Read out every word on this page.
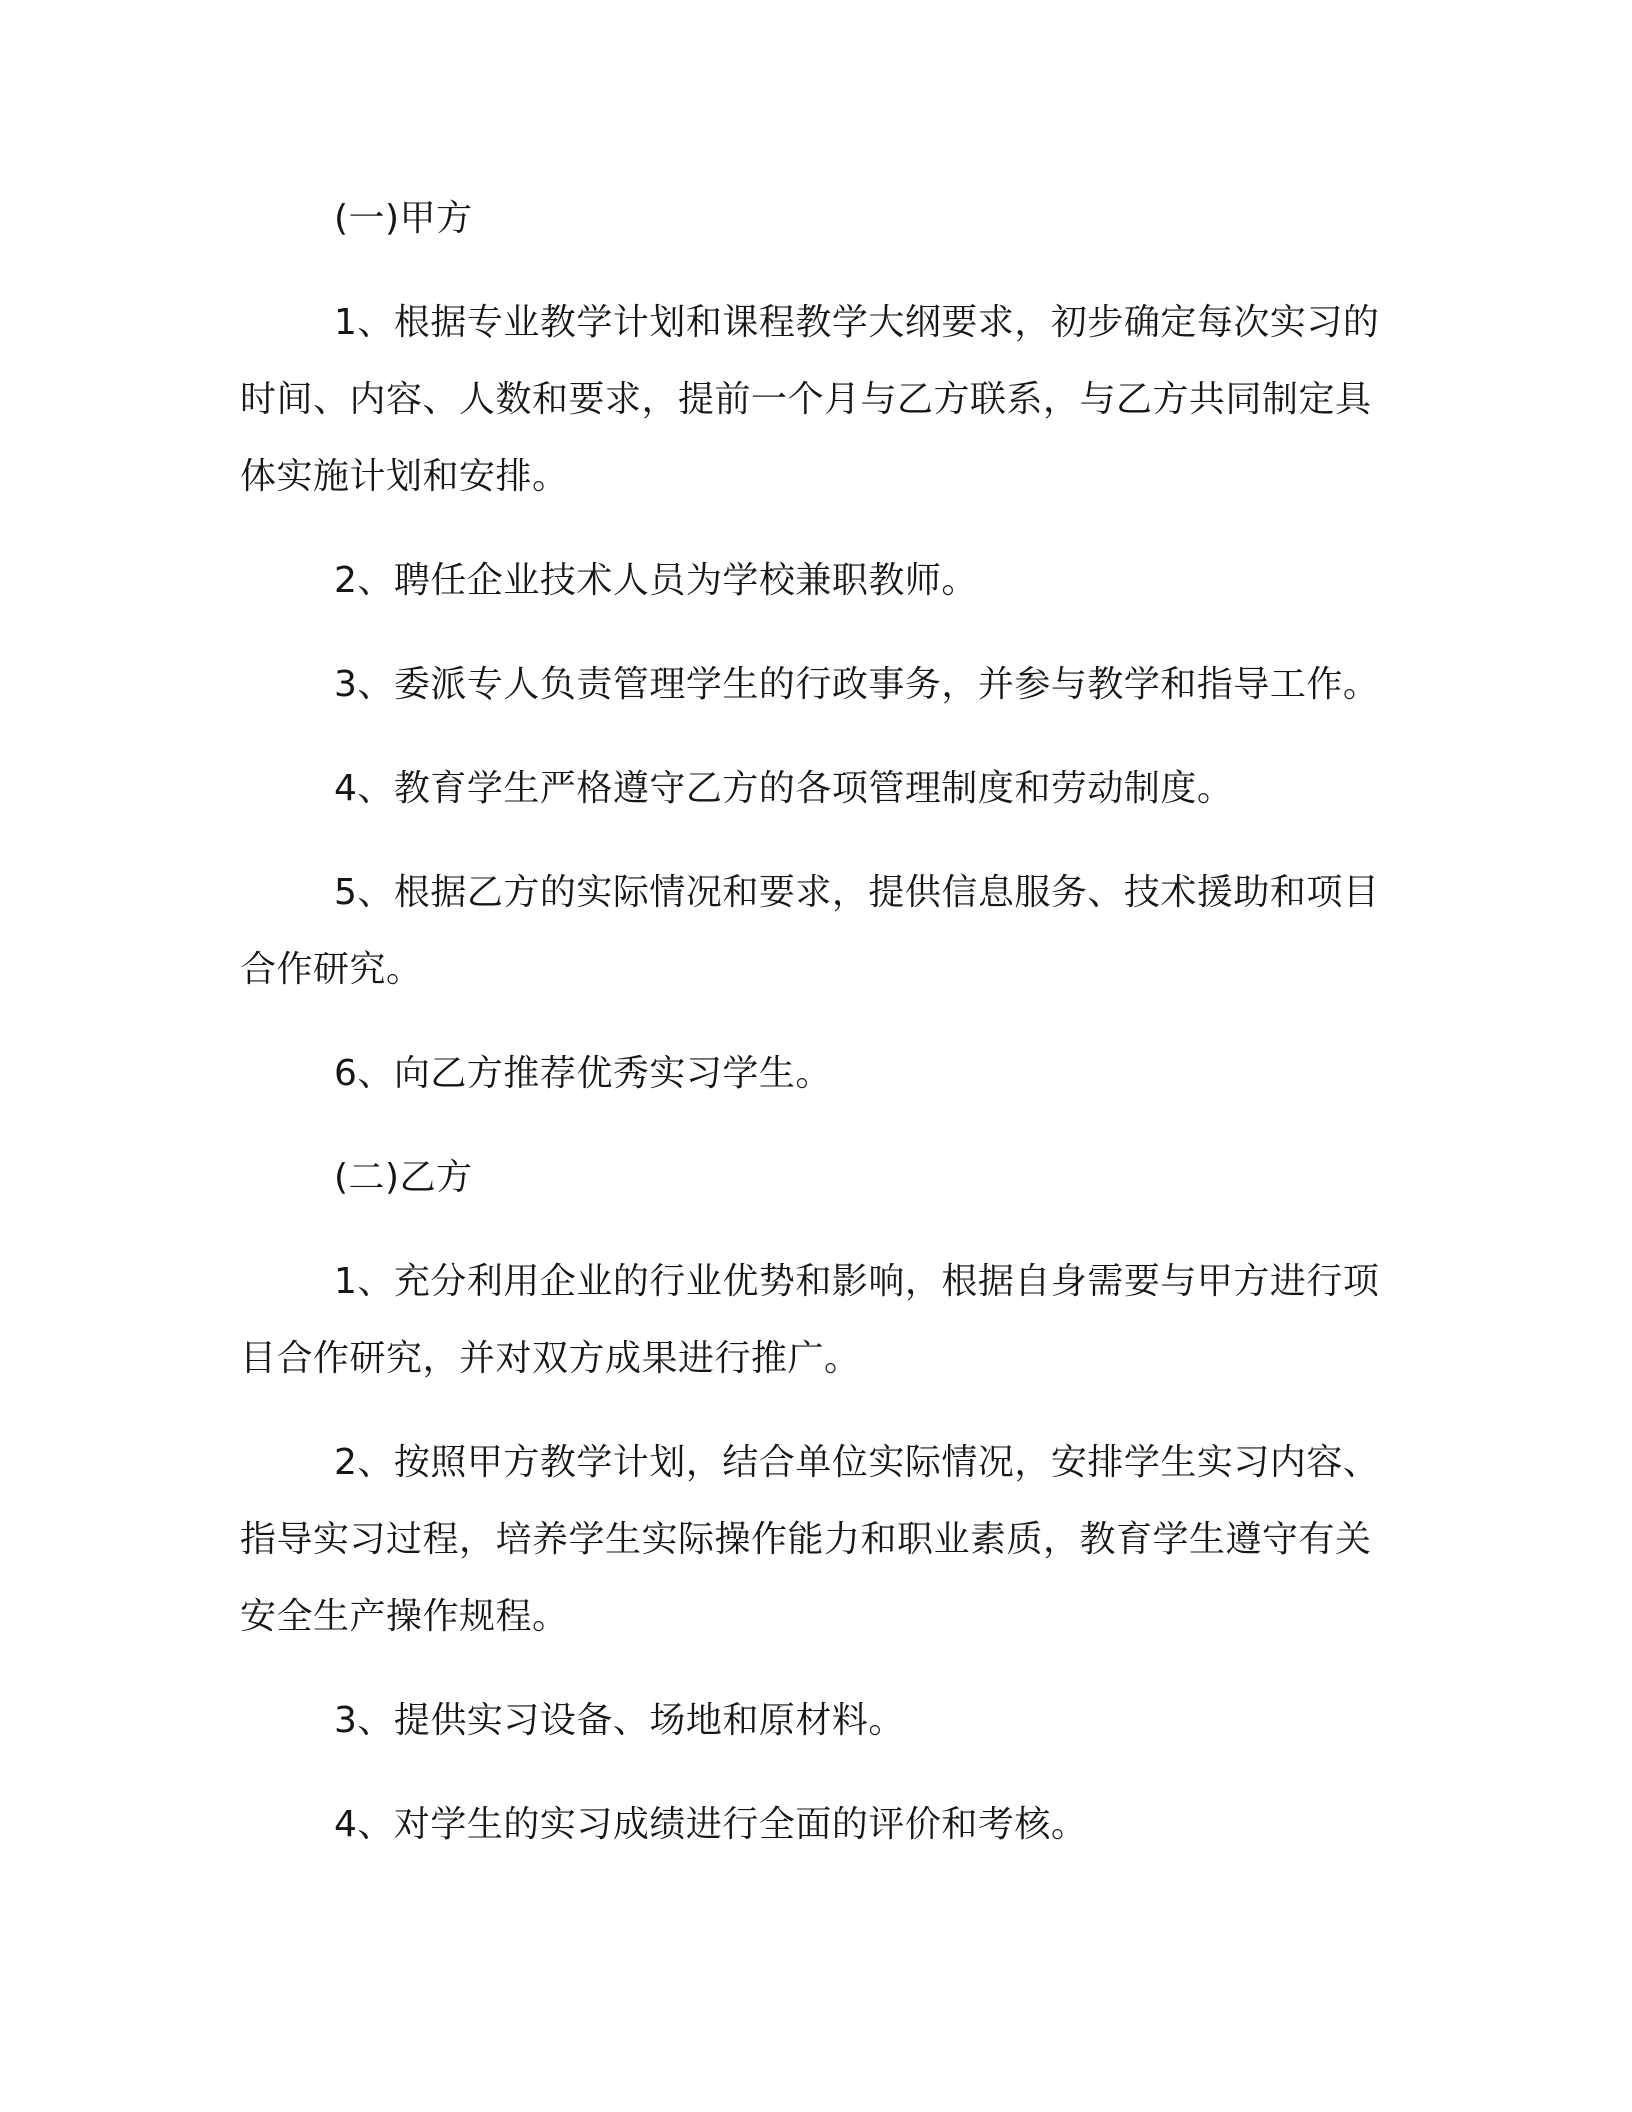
(一)甲方

1、根据专业教学计划和课程教学大纲要求，初步确定每次实习的时间、内容、人数和要求，提前一个月与乙方联系，与乙方共同制定具体实施计划和安排。

2、聘任企业技术人员为学校兼职教师。

3、委派专人负责管理学生的行政事务，并参与教学和指导工作。

4、教育学生严格遵守乙方的各项管理制度和劳动制度。

5、根据乙方的实际情况和要求，提供信息服务、技术援助和项目合作研究。

6、向乙方推荐优秀实习学生。

(二)乙方

1、充分利用企业的行业优势和影响，根据自身需要与甲方进行项目合作研究，并对双方成果进行推广。

2、按照甲方教学计划，结合单位实际情况，安排学生实习内容、指导实习过程，培养学生实际操作能力和职业素质，教育学生遵守有关安全生产操作规程。

3、提供实习设备、场地和原材料。

4、对学生的实习成绩进行全面的评价和考核。
